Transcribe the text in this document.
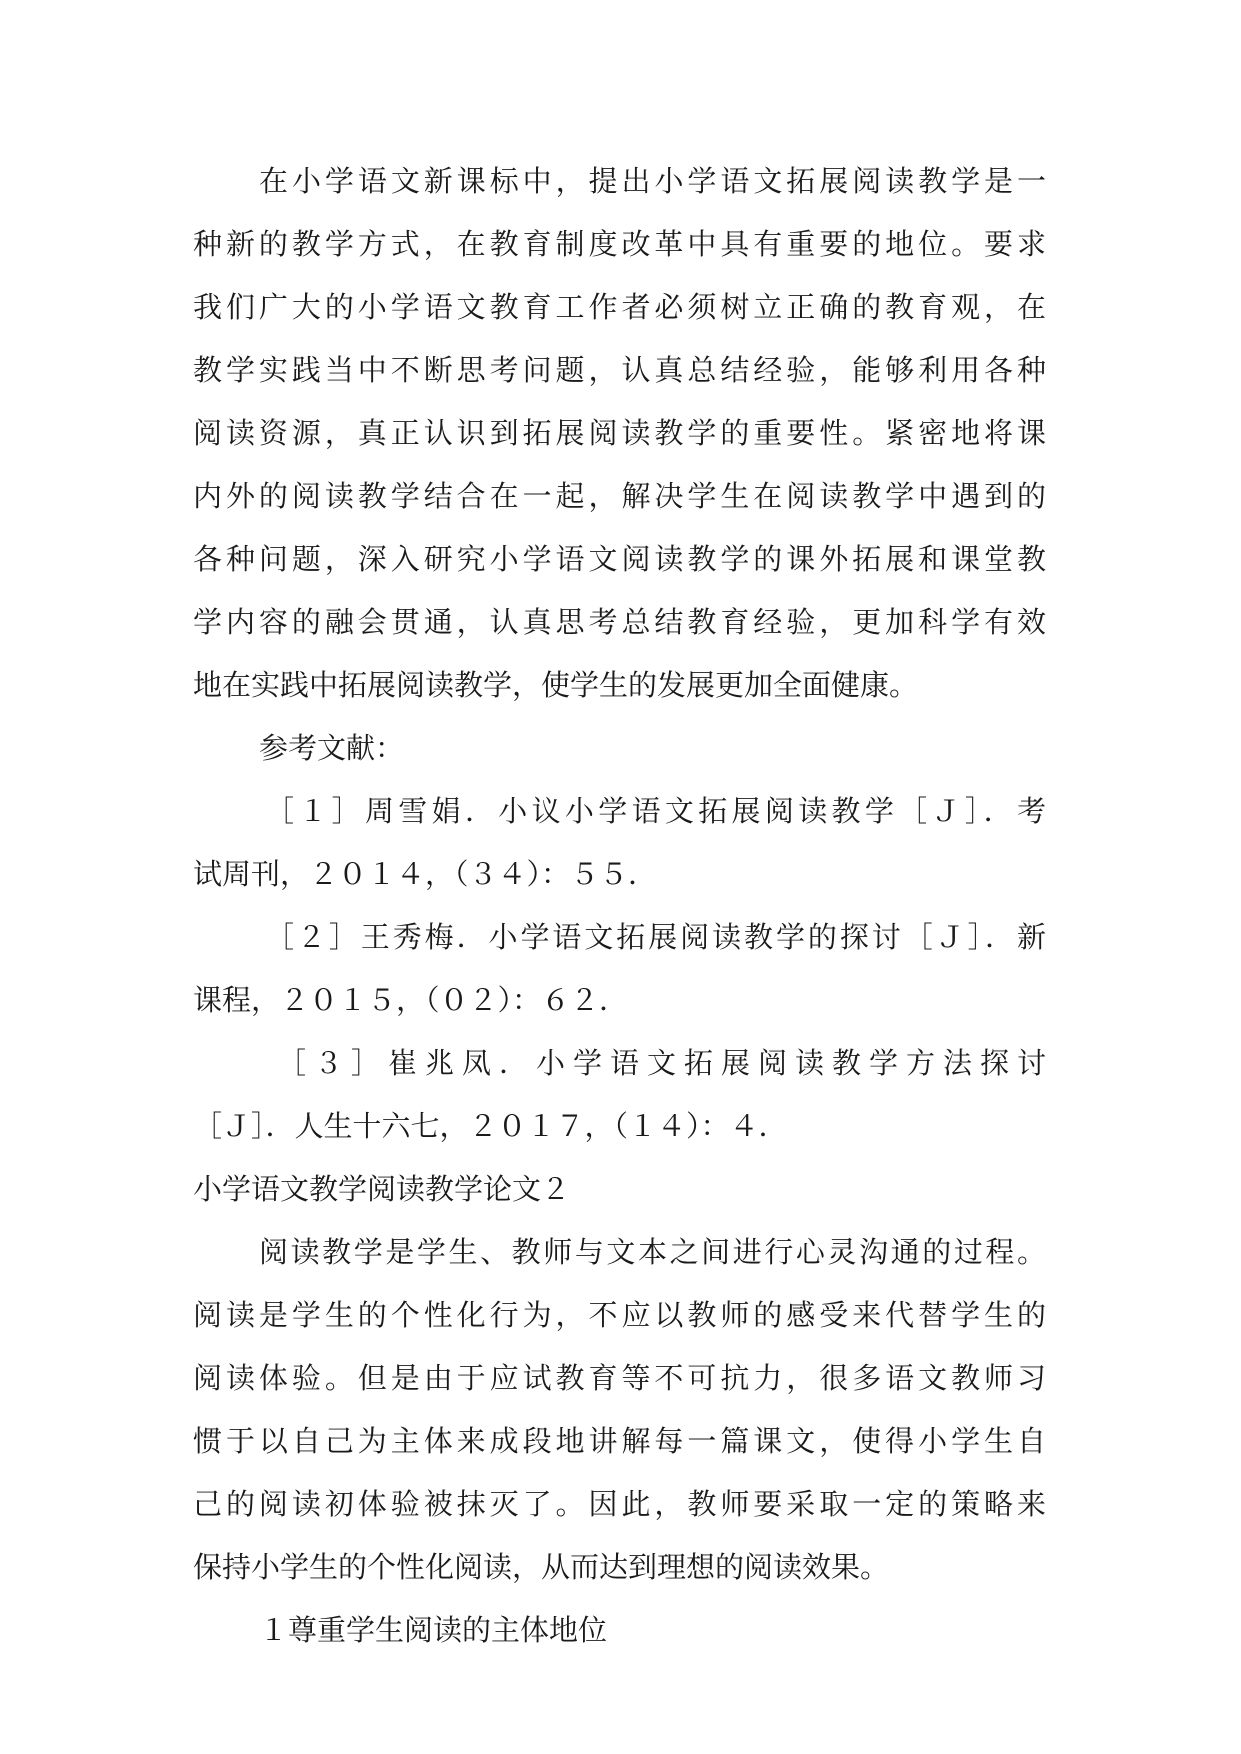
在小学语文新课标中，提出小学语文拓展阅读教学是一
种新的教学方式，在教育制度改革中具有重要的地位。要求
我们广大的小学语文教育工作者必须树立正确的教育观，在
教学实践当中不断思考问题，认真总结经验，能够利用各种
阅读资源，真正认识到拓展阅读教学的重要性。紧密地将课
内外的阅读教学结合在一起，解决学生在阅读教学中遇到的
各种问题，深入研究小学语文阅读教学的课外拓展和课堂教
学内容的融会贯通，认真思考总结教育经验，更加科学有效
地在实践中拓展阅读教学，使学生的发展更加全面健康。
参考文献：
［１］周雪娟．小议小学语文拓展阅读教学［Ｊ］．考
试周刊，２０１４，（３４）：５５．
［２］王秀梅．小学语文拓展阅读教学的探讨［Ｊ］．新
课程，２０１５，（０２）：６２．
［３］崔兆凤．小学语文拓展阅读教学方法探讨
［Ｊ］．人生十六七，２０１７，（１４）：４．
小学语文教学阅读教学论文２
阅读教学是学生、教师与文本之间进行心灵沟通的过程。
阅读是学生的个性化行为，不应以教师的感受来代替学生的
阅读体验。但是由于应试教育等不可抗力，很多语文教师习
惯于以自己为主体来成段地讲解每一篇课文，使得小学生自
己的阅读初体验被抹灭了。因此，教师要采取一定的策略来
保持小学生的个性化阅读，从而达到理想的阅读效果。
１尊重学生阅读的主体地位
